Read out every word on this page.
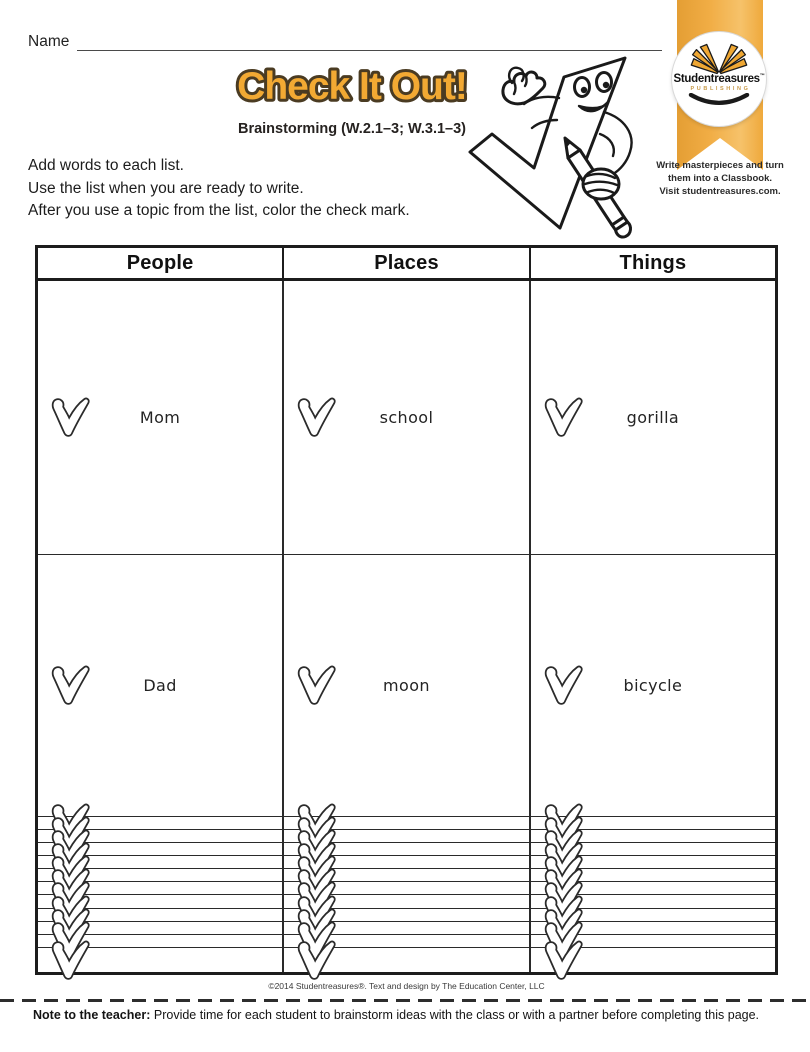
Name
Check It Out!
Brainstorming (W.2.1–3; W.3.1–3)
Add words to each list.
Use the list when you are ready to write.
After you use a topic from the list, color the check mark.
Studentreasures™
PUBLISHING
Write masterpieces and turn
them into a Classbook.
Visit studentreasures.com.
People	Places	Things

Mom	school	gorilla

Dad	moon	bicycle

©2014 Studentreasures®. Text and design by The Education Center, LLC
Note to the teacher: Provide time for each student to brainstorm ideas with the class or with a partner before completing this page.
